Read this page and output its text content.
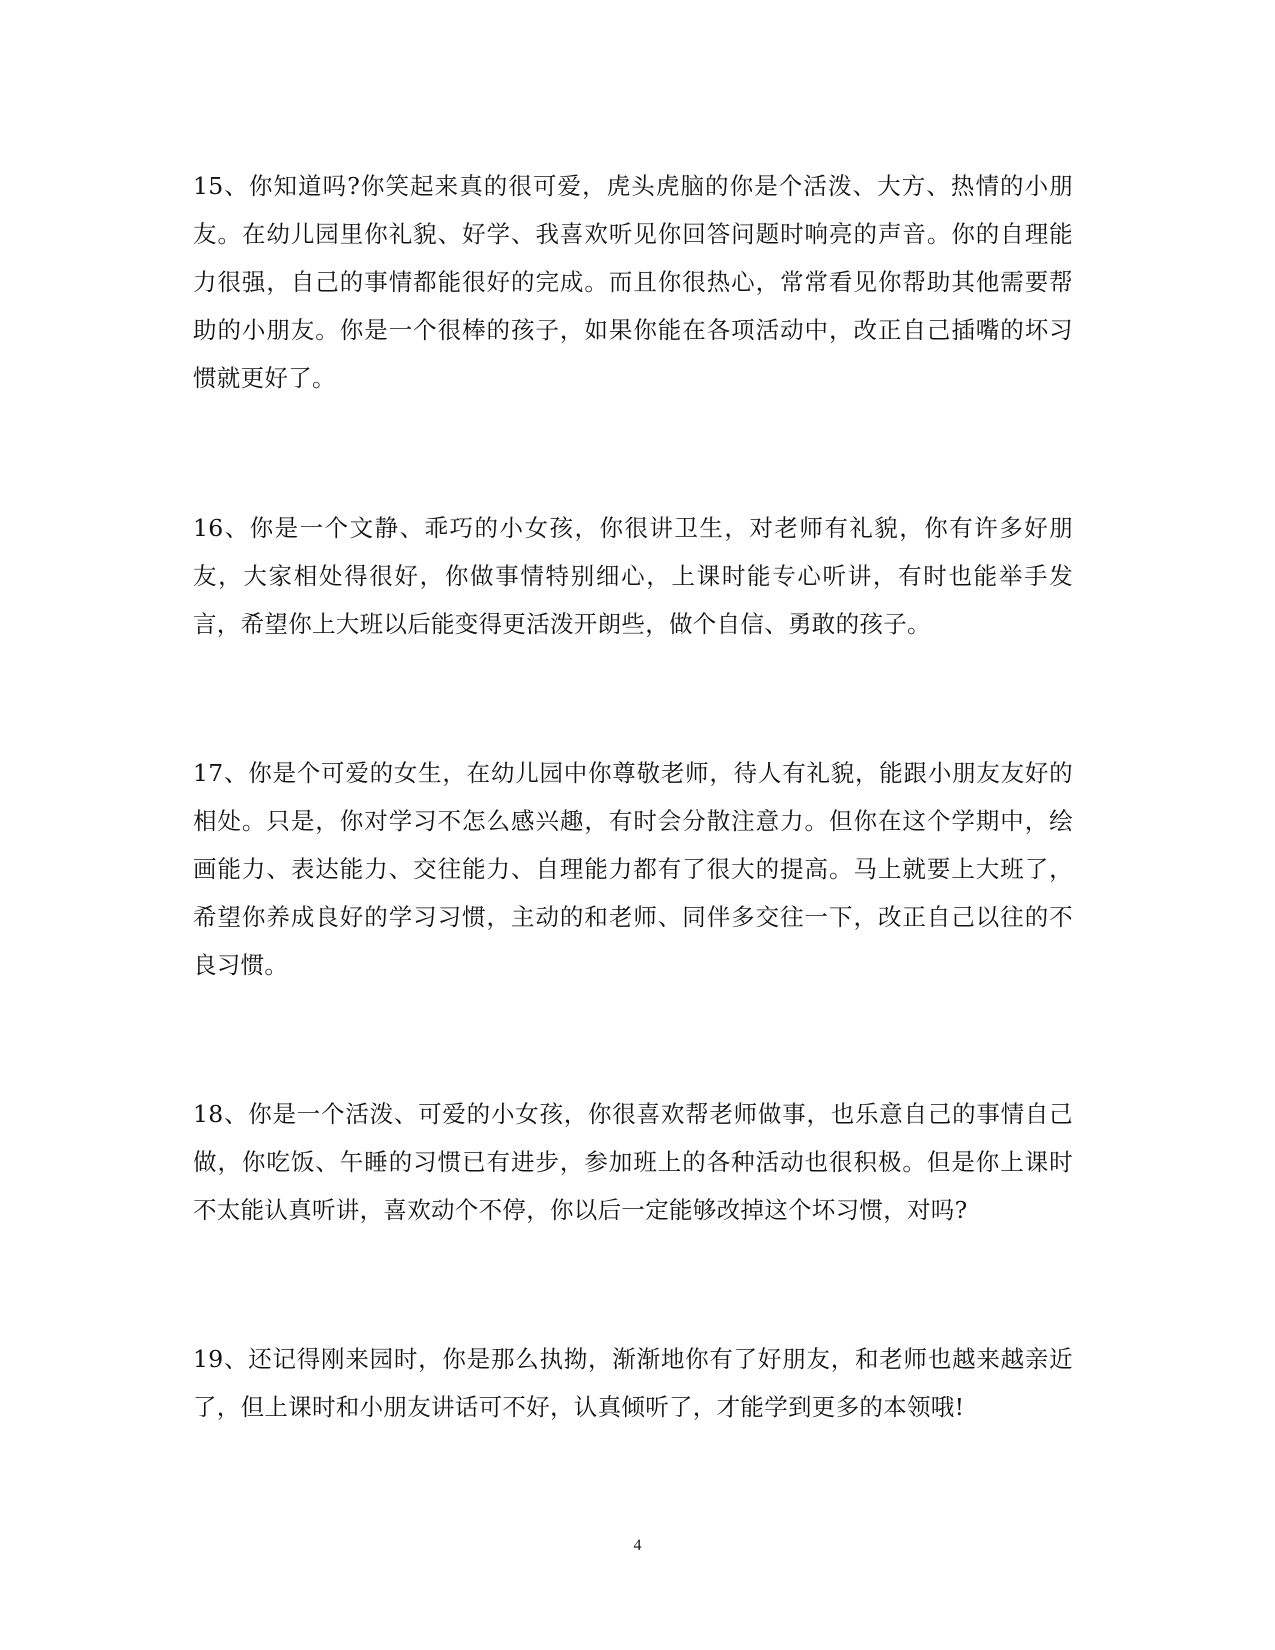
15、你知道吗?你笑起来真的很可爱，虎头虎脑的你是个活泼、大方、热情的小朋友。在幼儿园里你礼貌、好学、我喜欢听见你回答问题时响亮的声音。你的自理能力很强，自己的事情都能很好的完成。而且你很热心，常常看见你帮助其他需要帮助的小朋友。你是一个很棒的孩子，如果你能在各项活动中，改正自己插嘴的坏习惯就更好了。

16、你是一个文静、乖巧的小女孩，你很讲卫生，对老师有礼貌，你有许多好朋友，大家相处得很好，你做事情特别细心，上课时能专心听讲，有时也能举手发言，希望你上大班以后能变得更活泼开朗些，做个自信、勇敢的孩子。

17、你是个可爱的女生，在幼儿园中你尊敬老师，待人有礼貌，能跟小朋友友好的相处。只是，你对学习不怎么感兴趣，有时会分散注意力。但你在这个学期中，绘画能力、表达能力、交往能力、自理能力都有了很大的提高。马上就要上大班了，希望你养成良好的学习习惯，主动的和老师、同伴多交往一下，改正自己以往的不良习惯。

18、你是一个活泼、可爱的小女孩，你很喜欢帮老师做事，也乐意自己的事情自己做，你吃饭、午睡的习惯已有进步，参加班上的各种活动也很积极。但是你上课时不太能认真听讲，喜欢动个不停，你以后一定能够改掉这个坏习惯，对吗?

19、还记得刚来园时，你是那么执拗，渐渐地你有了好朋友，和老师也越来越亲近了，但上课时和小朋友讲话可不好，认真倾听了，才能学到更多的本领哦!

4
